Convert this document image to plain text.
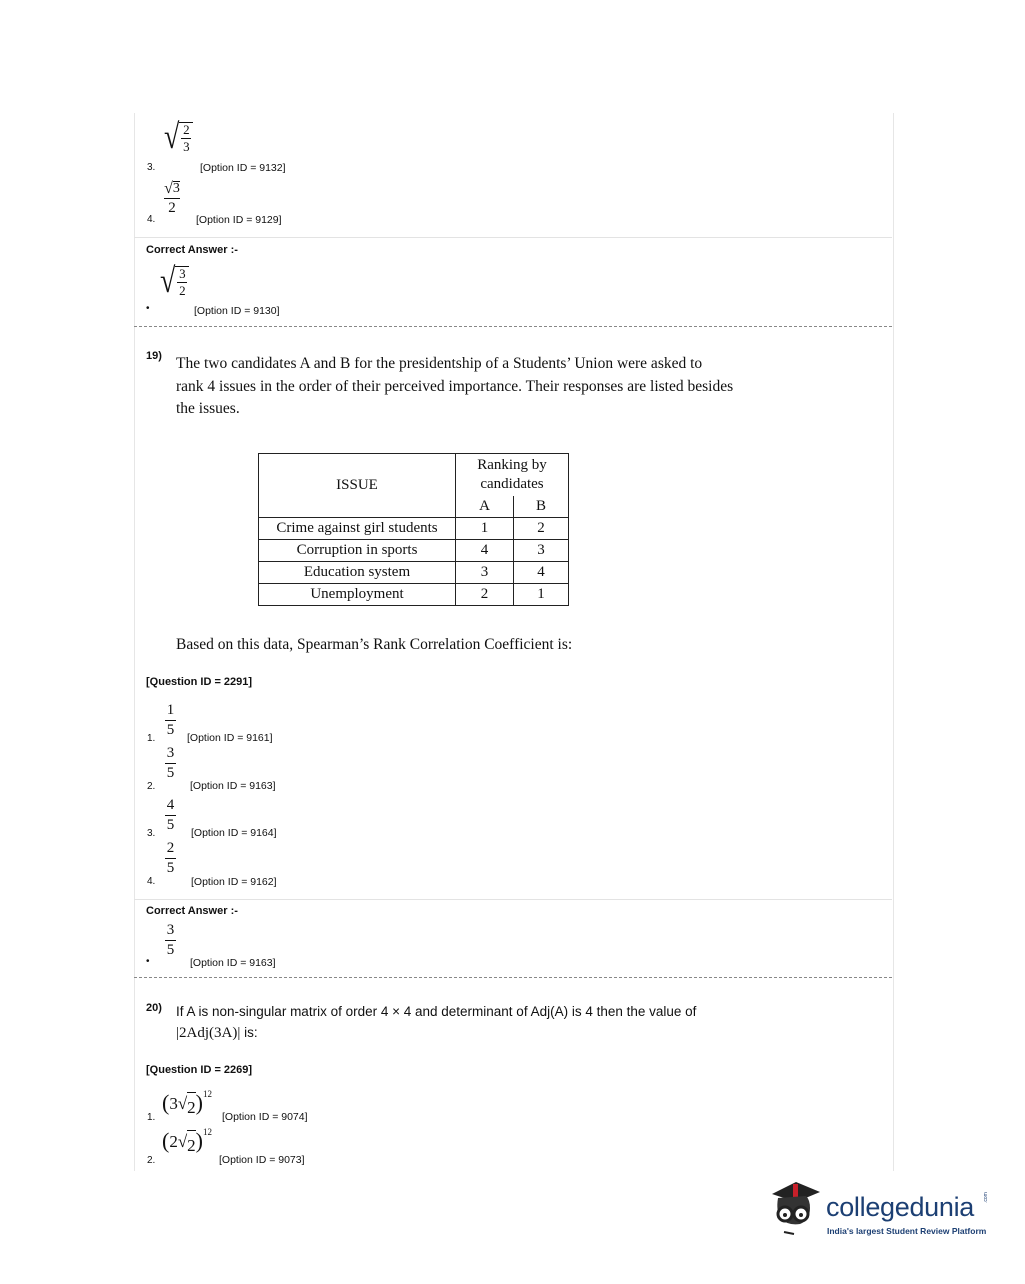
3.
√ 2
3
[Option ID = 9132]
4.
√ 3
2
[Option ID = 9129]
Correct Answer :-
•
√ 3
2
[Option ID = 9130]
19) The two candidates A and B for the presidentship of a Students’ Union were asked to
rank 4 issues in the order of their perceived importance. Their responses are listed besides
the issues.
ISSUE	Ranking by
candidates	

	A	B
Crime against girl students	1	2
Corruption in sports	4	3
Education system	3	4
Unemployment	2	1
Based on this data, Spearman’s Rank Correlation Coefficient is:
[Question ID = 2291]
1.
1
5 [Option ID = 9161]
2.
3
5
[Option ID = 9163]
3.
4
5 [Option ID = 9164]
4.
2
5
[Option ID = 9162]
Correct Answer :-
•
3
5
[Option ID = 9163]
20) If A is non-singular matrix of order 4 × 4 and determinant of Adj(A) is 4 then the value of
|2Adj(3A)| is:
[Question ID = 2269]
1.
( 3 √ 2 ) 12
[Option ID = 9074]
2.
( 2 √ 2 ) 12
[Option ID = 9073]
collegedunia .com
India's largest Student Review Platform
